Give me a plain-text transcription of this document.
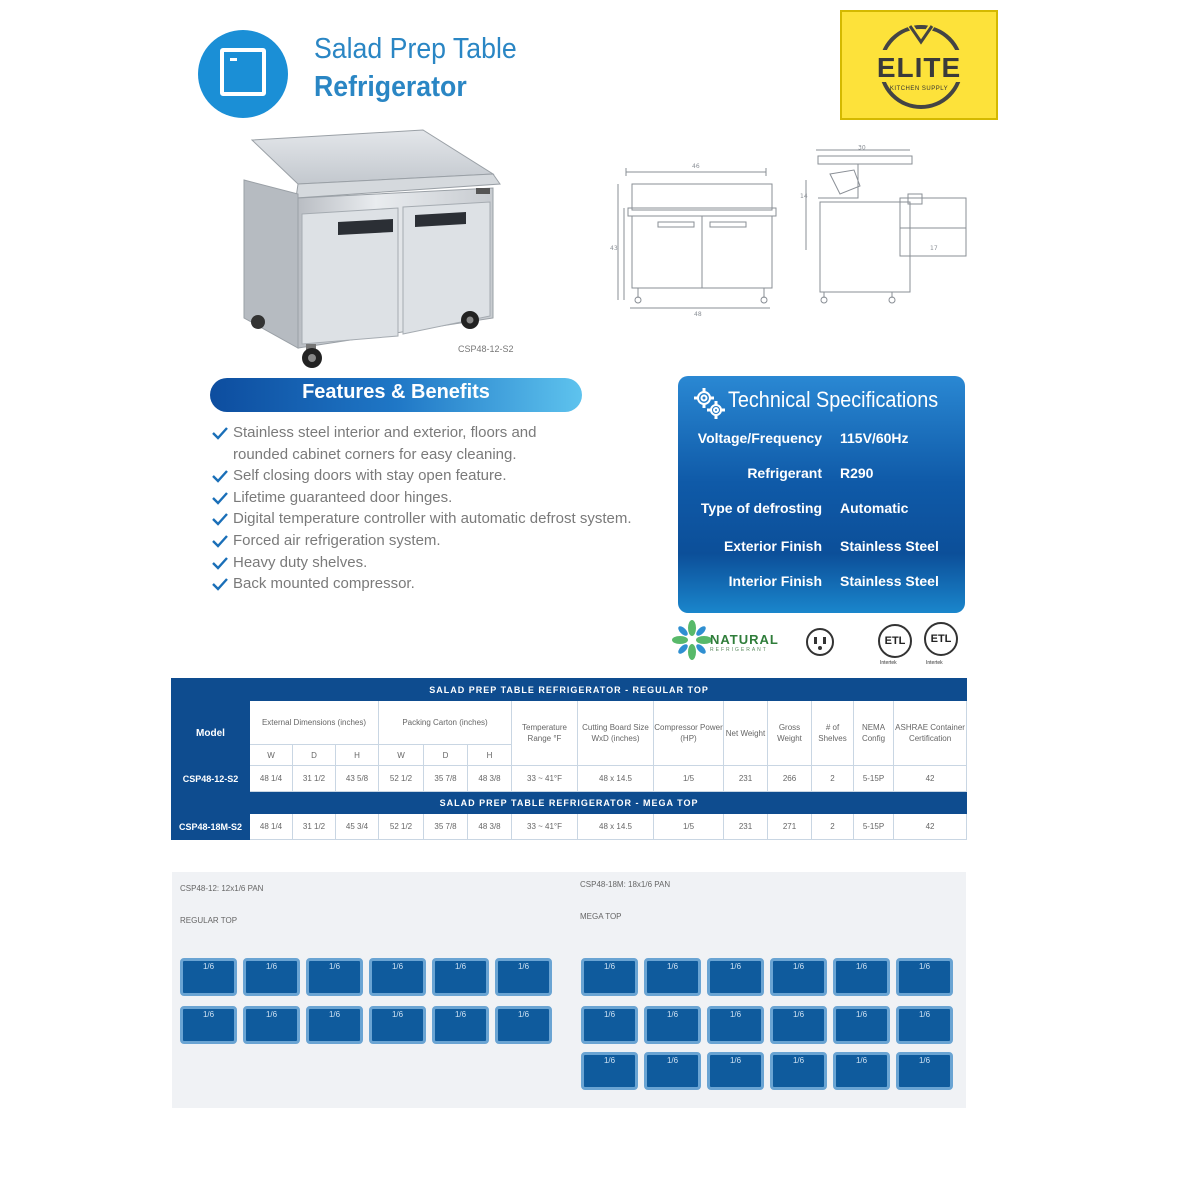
Salad Prep Table
Refrigerator
ELITE
KITCHEN SUPPLY
CSP48-12-S2
46
43
48
30
14
17
Features & Benefits
Stainless steel interior and exterior, floors and
rounded cabinet corners for easy cleaning.
Self closing doors with stay open feature.
Lifetime guaranteed door hinges.
Digital temperature controller with automatic defrost system.
Forced air refrigeration system.
Heavy duty shelves.
Back mounted compressor.
Technical Specifications
Voltage/Frequency 115V/60Hz
Refrigerant R290
Type of defrosting Automatic
Exterior Finish Stainless Steel
Interior Finish Stainless Steel
NATURAL
REFRIGERANT
ETL
Intertek
ETL
Intertek
SALAD PREP TABLE REFRIGERATOR - REGULAR TOP														
Model	External Dimensions (inches)			Packing Carton (inches)			Temperature Range °F	Cutting Board Size WxD (inches)	Compressor Power (HP)	Net Weight	Gross Weight	# of Shelves	NEMA Config	ASHRAE Container Certification
	W	D	H	W	D	H								
CSP48-12-S2	48 1/4	31 1/2	43 5/8	52 1/2	35 7/8	48 3/8	33 ~ 41°F	48 x 14.5	1/5	231	266	2	5-15P	42
SALAD PREP TABLE REFRIGERATOR - MEGA TOP														
CSP48-18M-S2	48 1/4	31 1/2	45 3/4	52 1/2	35 7/8	48 3/8	33 ~ 41°F	48 x 14.5	1/5	231	271	2	5-15P	42
CSP48-12: 12x1/6 PAN
REGULAR TOP
CSP48-18M: 18x1/6 PAN
MEGA TOP
1/6	1/6	1/6	1/6	1/6	1/6
1/6	1/6	1/6	1/6	1/6	1/6
1/6	1/6	1/6	1/6	1/6	1/6
1/6	1/6	1/6	1/6	1/6	1/6
1/6	1/6	1/6	1/6	1/6	1/6
